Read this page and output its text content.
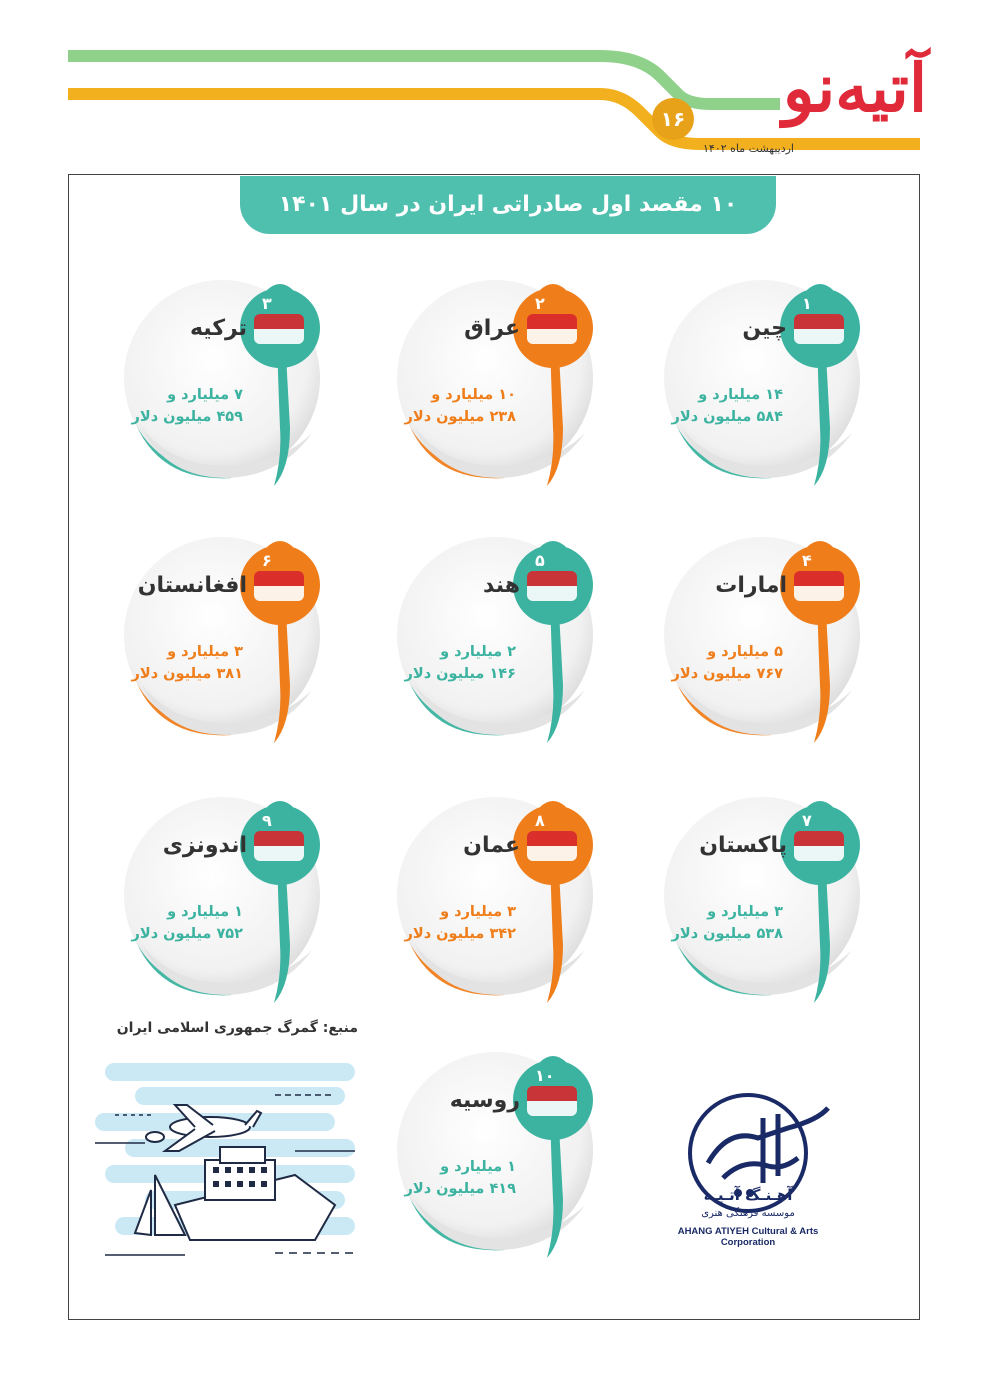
آتیه‌نو
۱۶
اردیبهشت ماه ۱۴۰۲
۱۰ مقصد اول صادراتی ایران در سال ۱۴۰۱
۱
چین
۱۴ میلیارد و
۵۸۴ میلیون دلار
۲
عراق
۱۰ میلیارد و
۲۳۸ میلیون دلار
۳
ترکیه
۷ میلیارد و
۴۵۹ میلیون دلار
۴
امارات
۵ میلیارد و
۷۶۷ میلیون دلار
۵
هند
۲ میلیارد و
۱۴۶ میلیون دلار
۶
افغانستان
۳ میلیارد و
۳۸۱ میلیون دلار
۷
پاکستان
۳ میلیارد و
۵۳۸ میلیون دلار
۸
عمان
۳ میلیارد و
۳۴۲ میلیون دلار
۹
اندونزی
۱ میلیارد و
۷۵۲ میلیون دلار
۱۰
روسیه
۱ میلیارد و
۴۱۹ میلیون دلار
منبع: گمرگ جمهوری اسلامی ایران
آهـنـگ آتـیـه
موسسه فرهنگی هنری
AHANG ATIYEH Cultural & Arts Corporation
